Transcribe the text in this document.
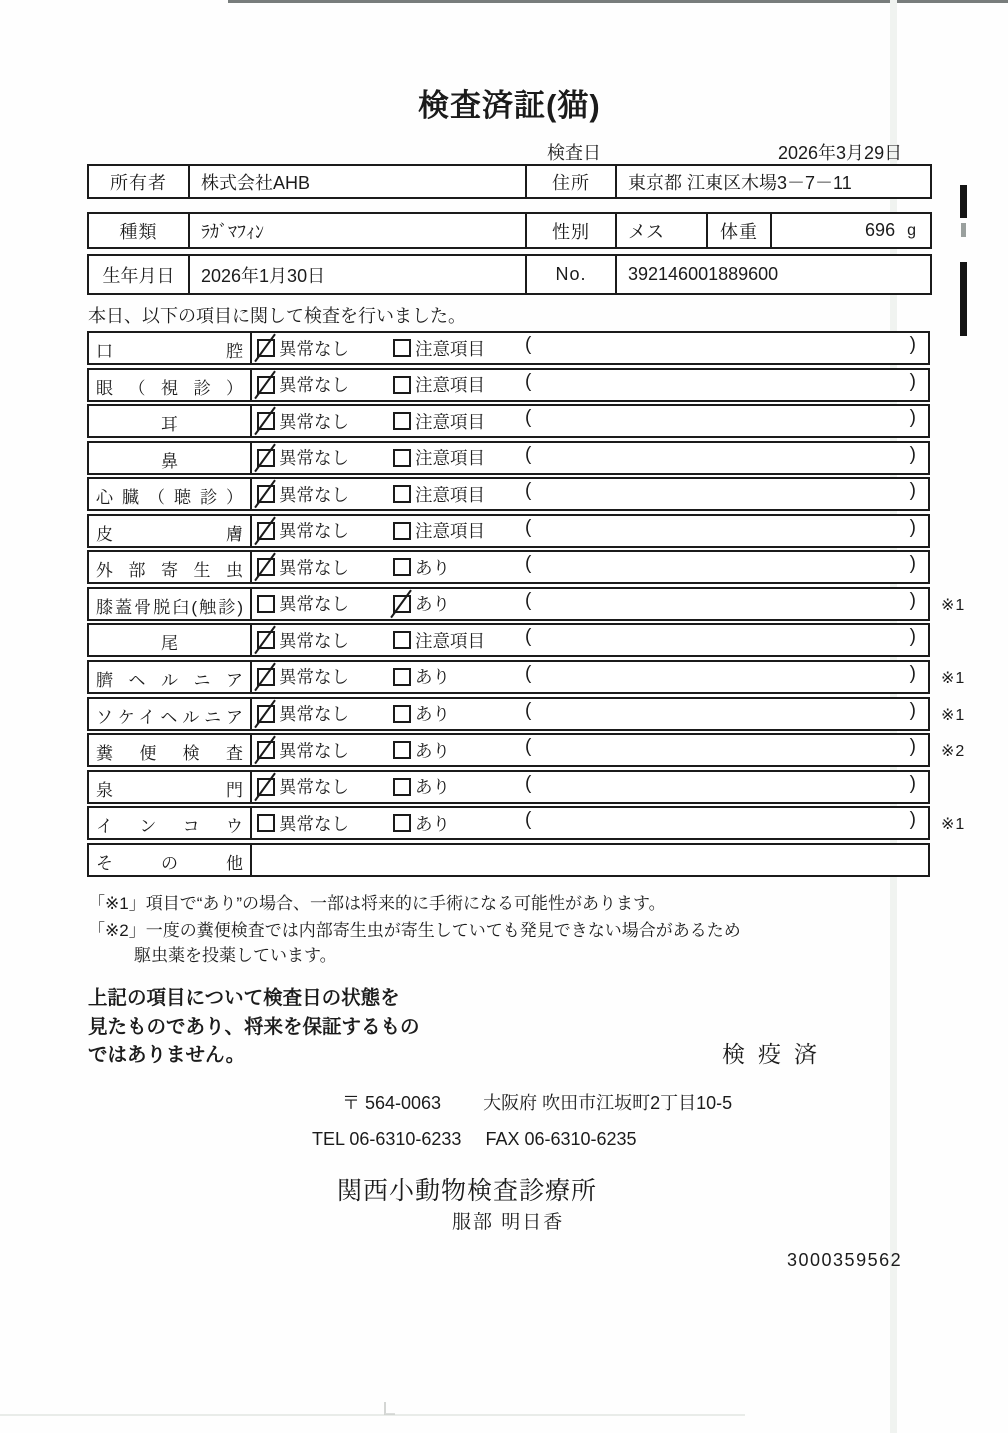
検査済証(猫)
検査日	2026年3月29日
所有者	株式会社AHB	住所	東京都 江東区木場3－7－11
種類	ﾗｶﾞﾏﾌｨﾝ	性別	メス	体重	696 g
生年月日	2026年1月30日	No.	392146001889600
本日、以下の項目に関して検査を行いました。
口腔	異常なし	注意項目 (	)
眼（視診）	異常なし	注意項目 (	)
耳	異常なし	注意項目 (	)
鼻	異常なし	注意項目 (	)
心臓（聴診）	異常なし	注意項目 (	)
皮膚	異常なし	注意項目 (	)
外部寄生虫	異常なし	あり	(	)
膝蓋骨脱臼(触診)	異常なし	あり	(	) ※1
尾	異常なし	注意項目 (	)
臍ヘルニア	異常なし	あり	(	) ※1
ソケイヘルニア	異常なし	あり	(	) ※1
糞便検査	異常なし	あり	(	) ※2
泉門	異常なし	あり	(	)
インコウ	異常なし	あり	(	) ※1
その他
「※1」項目で“あり”の場合、一部は将来的に手術になる可能性があります。
「※2」一度の糞便検査では内部寄生虫が寄生していても発見できない場合があるため
駆虫薬を投薬しています。
上記の項目について検査日の状態を
見たものであり、将来を保証するもの
ではありません。	検疫済
〒 564-0063 大阪府 吹田市江坂町2丁目10-5
TEL 06-6310-6233 FAX 06-6310-6235
関西小動物検査診療所
服部 明日香
3000359562
